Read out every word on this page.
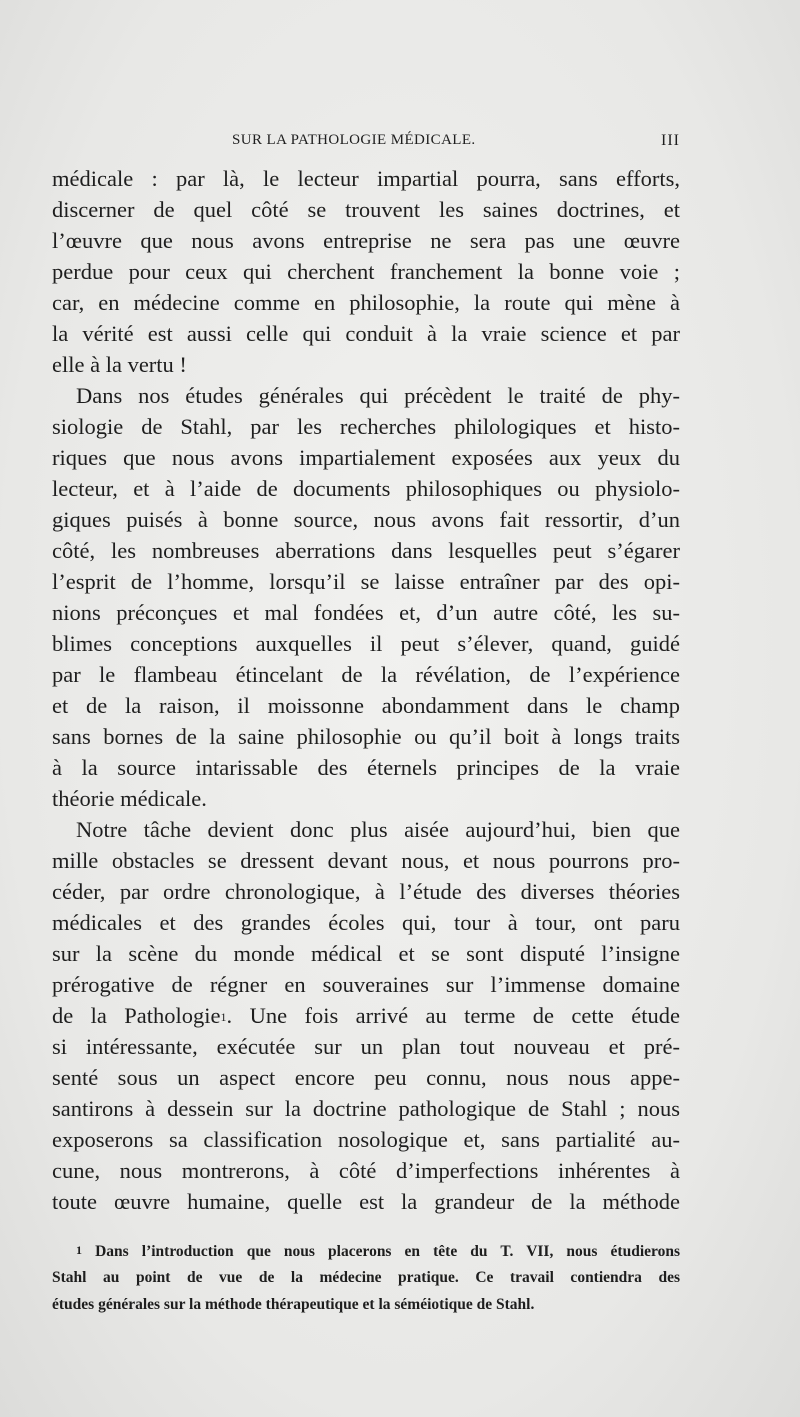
SUR LA PATHOLOGIE MÉDICALE.	III
médicale : par là, le lecteur impartial pourra, sans efforts,
discerner de quel côté se trouvent les saines doctrines, et
l’œuvre que nous avons entreprise ne sera pas une œuvre
perdue pour ceux qui cherchent franchement la bonne voie ;
car, en médecine comme en philosophie, la route qui mène à
la vérité est aussi celle qui conduit à la vraie science et par
elle à la vertu !
Dans nos études générales qui précèdent le traité de phy-
siologie de Stahl, par les recherches philologiques et histo-
riques que nous avons impartialement exposées aux yeux du
lecteur, et à l’aide de documents philosophiques ou physiolo-
giques puisés à bonne source, nous avons fait ressortir, d’un
côté, les nombreuses aberrations dans lesquelles peut s’égarer
l’esprit de l’homme, lorsqu’il se laisse entraîner par des opi-
nions préconçues et mal fondées et, d’un autre côté, les su-
blimes conceptions auxquelles il peut s’élever, quand, guidé
par le flambeau étincelant de la révélation, de l’expérience
et de la raison, il moissonne abondamment dans le champ
sans bornes de la saine philosophie ou qu’il boit à longs traits
à la source intarissable des éternels principes de la vraie
théorie médicale.
Notre tâche devient donc plus aisée aujourd’hui, bien que
mille obstacles se dressent devant nous, et nous pourrons pro-
céder, par ordre chronologique, à l’étude des diverses théories
médicales et des grandes écoles qui, tour à tour, ont paru
sur la scène du monde médical et se sont disputé l’insigne
prérogative de régner en souveraines sur l’immense domaine
de la Pathologie$^1$. Une fois arrivé au terme de cette étude
si intéressante, exécutée sur un plan tout nouveau et pré-
senté sous un aspect encore peu connu, nous nous appe-
santirons à dessein sur la doctrine pathologique de Stahl ; nous
exposerons sa classification nosologique et, sans partialité au-
cune, nous montrerons, à côté d’imperfections inhérentes à
toute œuvre humaine, quelle est la grandeur de la méthode
1 Dans l’introduction que nous placerons en tête du T. VII, nous étudierons
Stahl au point de vue de la médecine pratique. Ce travail contiendra des
études générales sur la méthode thérapeutique et la séméiotique de Stahl.
